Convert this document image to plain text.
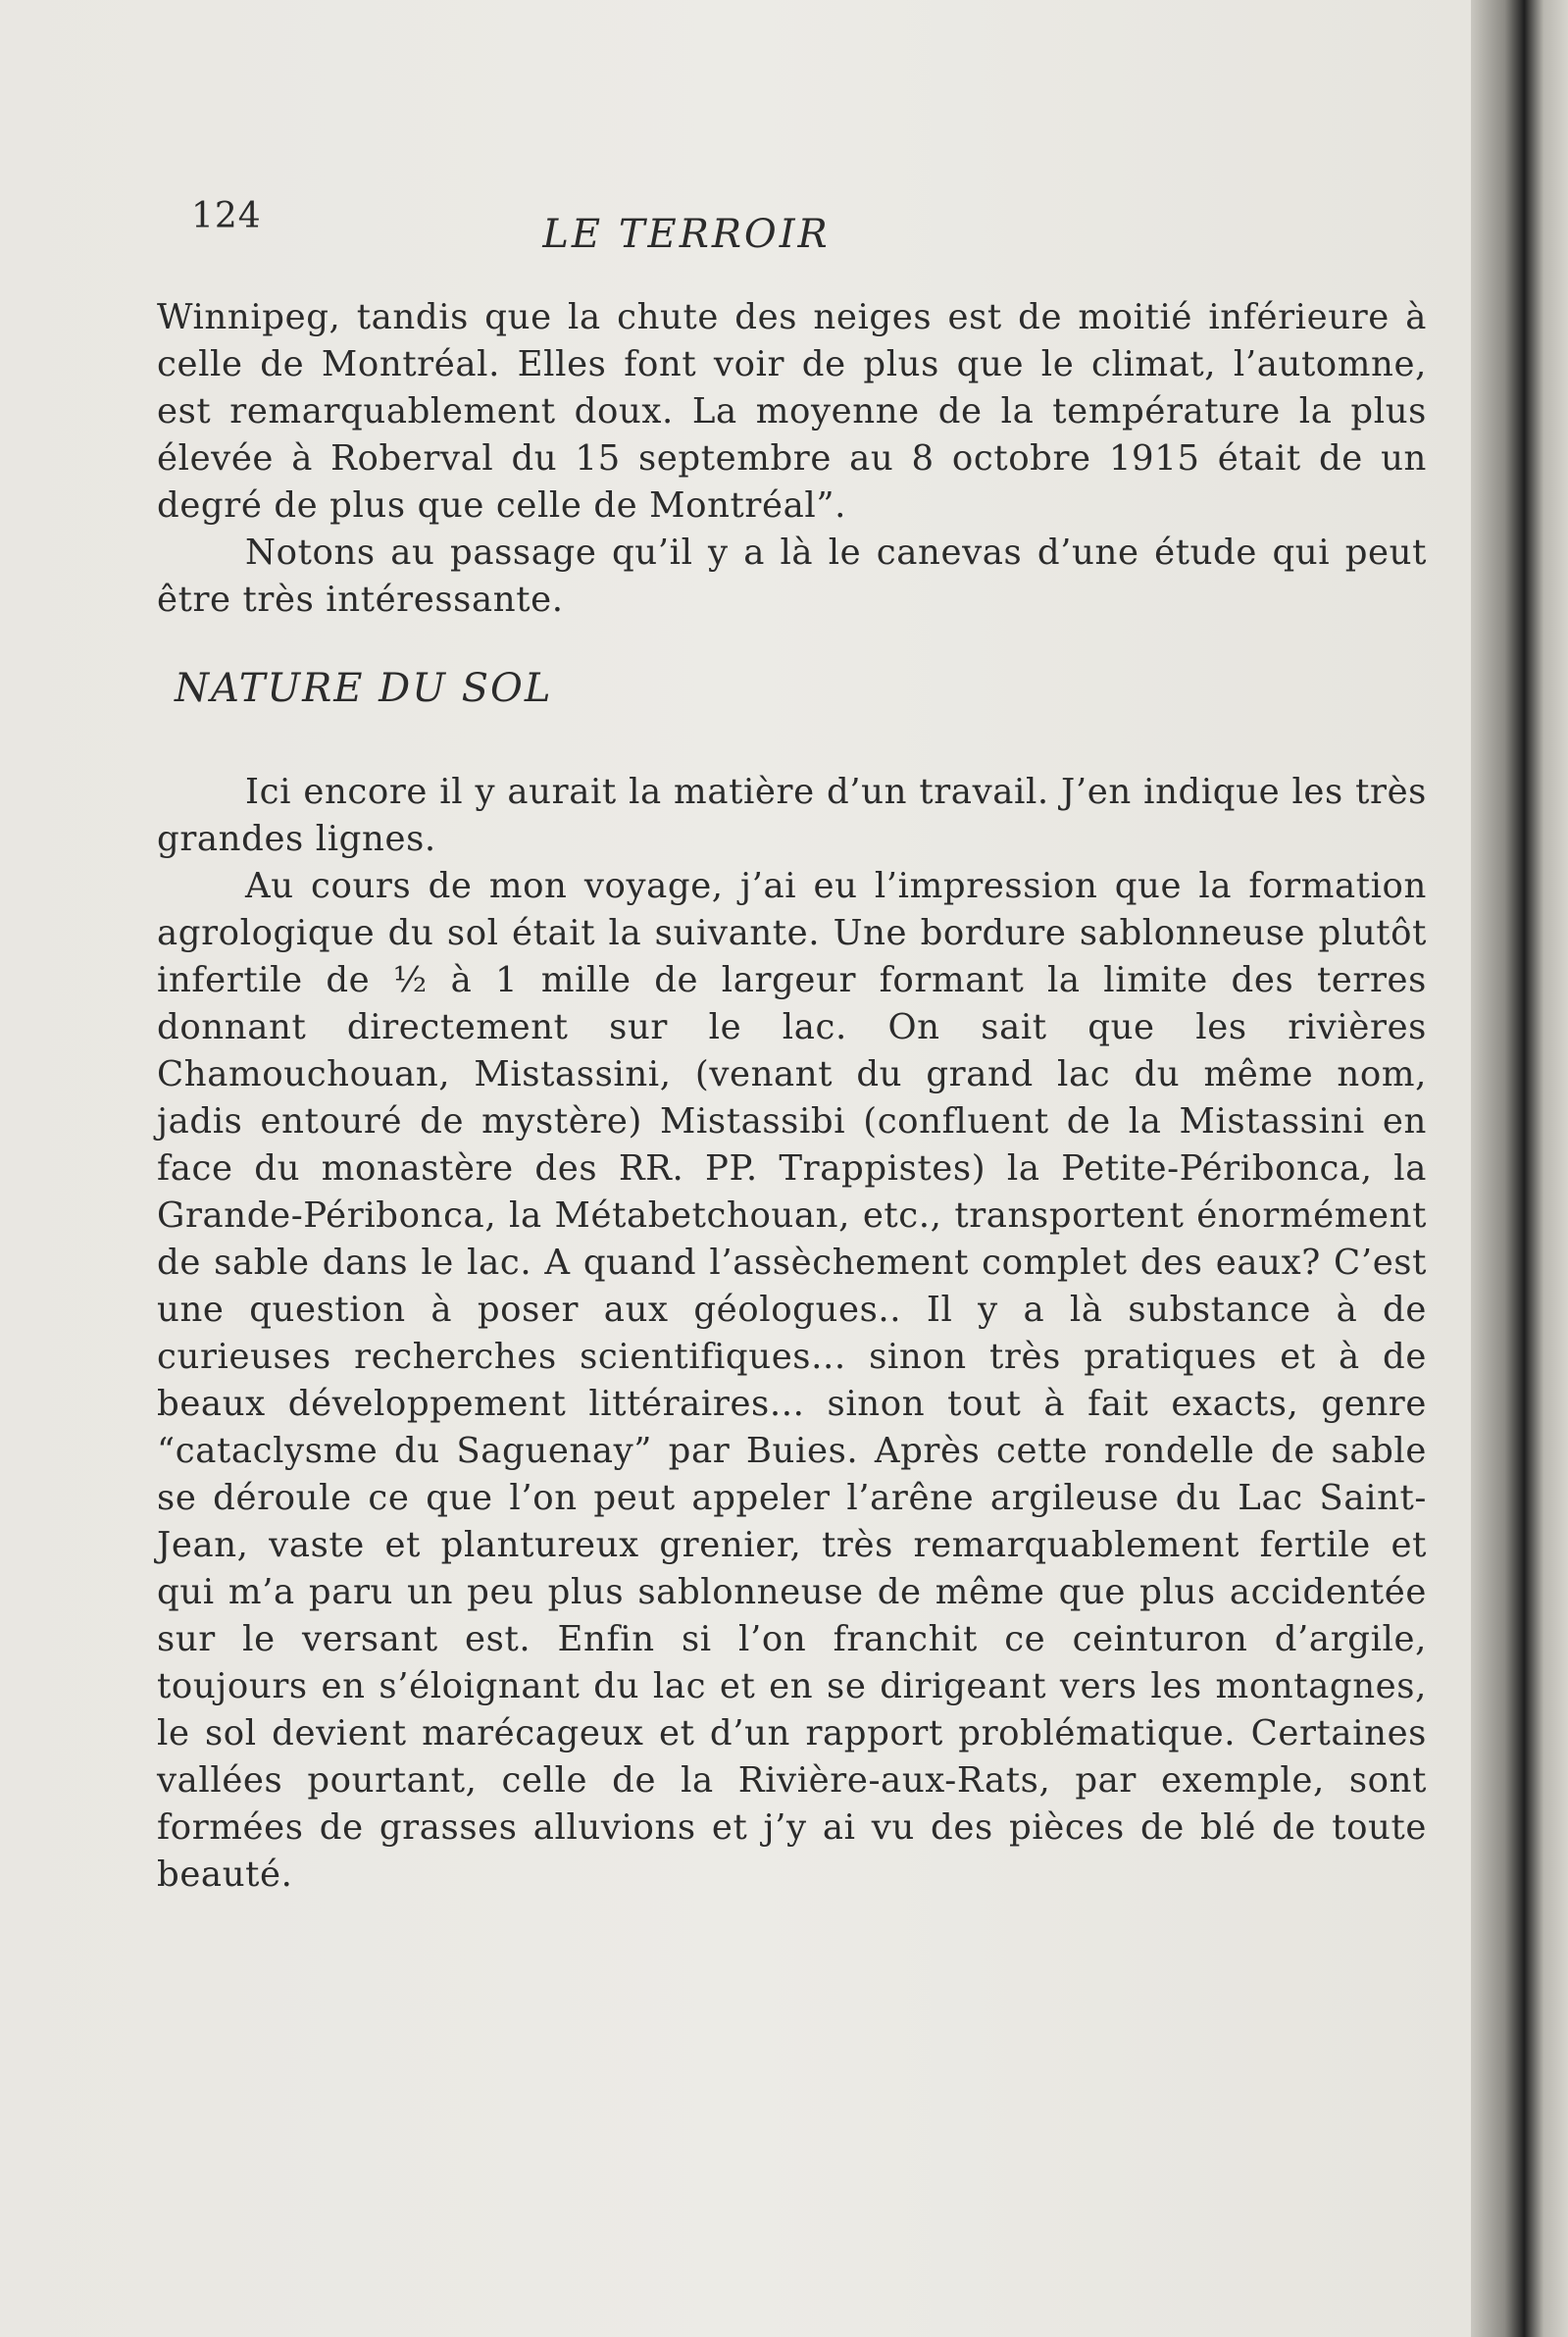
124	LE TERROIR

Winnipeg, tandis que la chute des neiges est de moitié inférieure à celle de Montréal. Elles font voir de plus que le climat, l’automne, est remarquablement doux. La moyenne de la température la plus élevée à Roberval du 15 septembre au 8 octobre 1915 était de un degré de plus que celle de Montréal”.

Notons au passage qu’il y a là le canevas d’une étude qui peut être très intéressante.

NATURE DU SOL

Ici encore il y aurait la matière d’un travail. J’en indique les très grandes lignes.

Au cours de mon voyage, j’ai eu l’impression que la formation agrologique du sol était la suivante. Une bordure sablonneuse plutôt infertile de ½ à 1 mille de largeur formant la limite des terres donnant directement sur le lac. On sait que les rivières Chamouchouan, Mistassini, (venant du grand lac du même nom, jadis entouré de mystère) Mistassibi (confluent de la Mistassini en face du monastère des RR. PP. Trappistes) la Petite-Péribonca, la Grande-Péribonca, la Métabetchouan, etc., transportent énormément de sable dans le lac. A quand l’assèchement complet des eaux? C’est une question à poser aux géologues.. Il y a là substance à de curieuses recherches scientifiques... sinon très pratiques et à de beaux développement littéraires... sinon tout à fait exacts, genre “cataclysme du Saguenay” par Buies. Après cette rondelle de sable se déroule ce que l’on peut appeler l’arêne argileuse du Lac Saint-Jean, vaste et plantureux grenier, très remarquablement fertile et qui m’a paru un peu plus sablonneuse de même que plus accidentée sur le versant est. Enfin si l’on franchit ce ceinturon d’argile, toujours en s’éloignant du lac et en se dirigeant vers les montagnes, le sol devient marécageux et d’un rapport problématique. Certaines vallées pourtant, celle de la Rivière-aux-Rats, par exemple, sont formées de grasses alluvions et j’y ai vu des pièces de blé de toute beauté.
